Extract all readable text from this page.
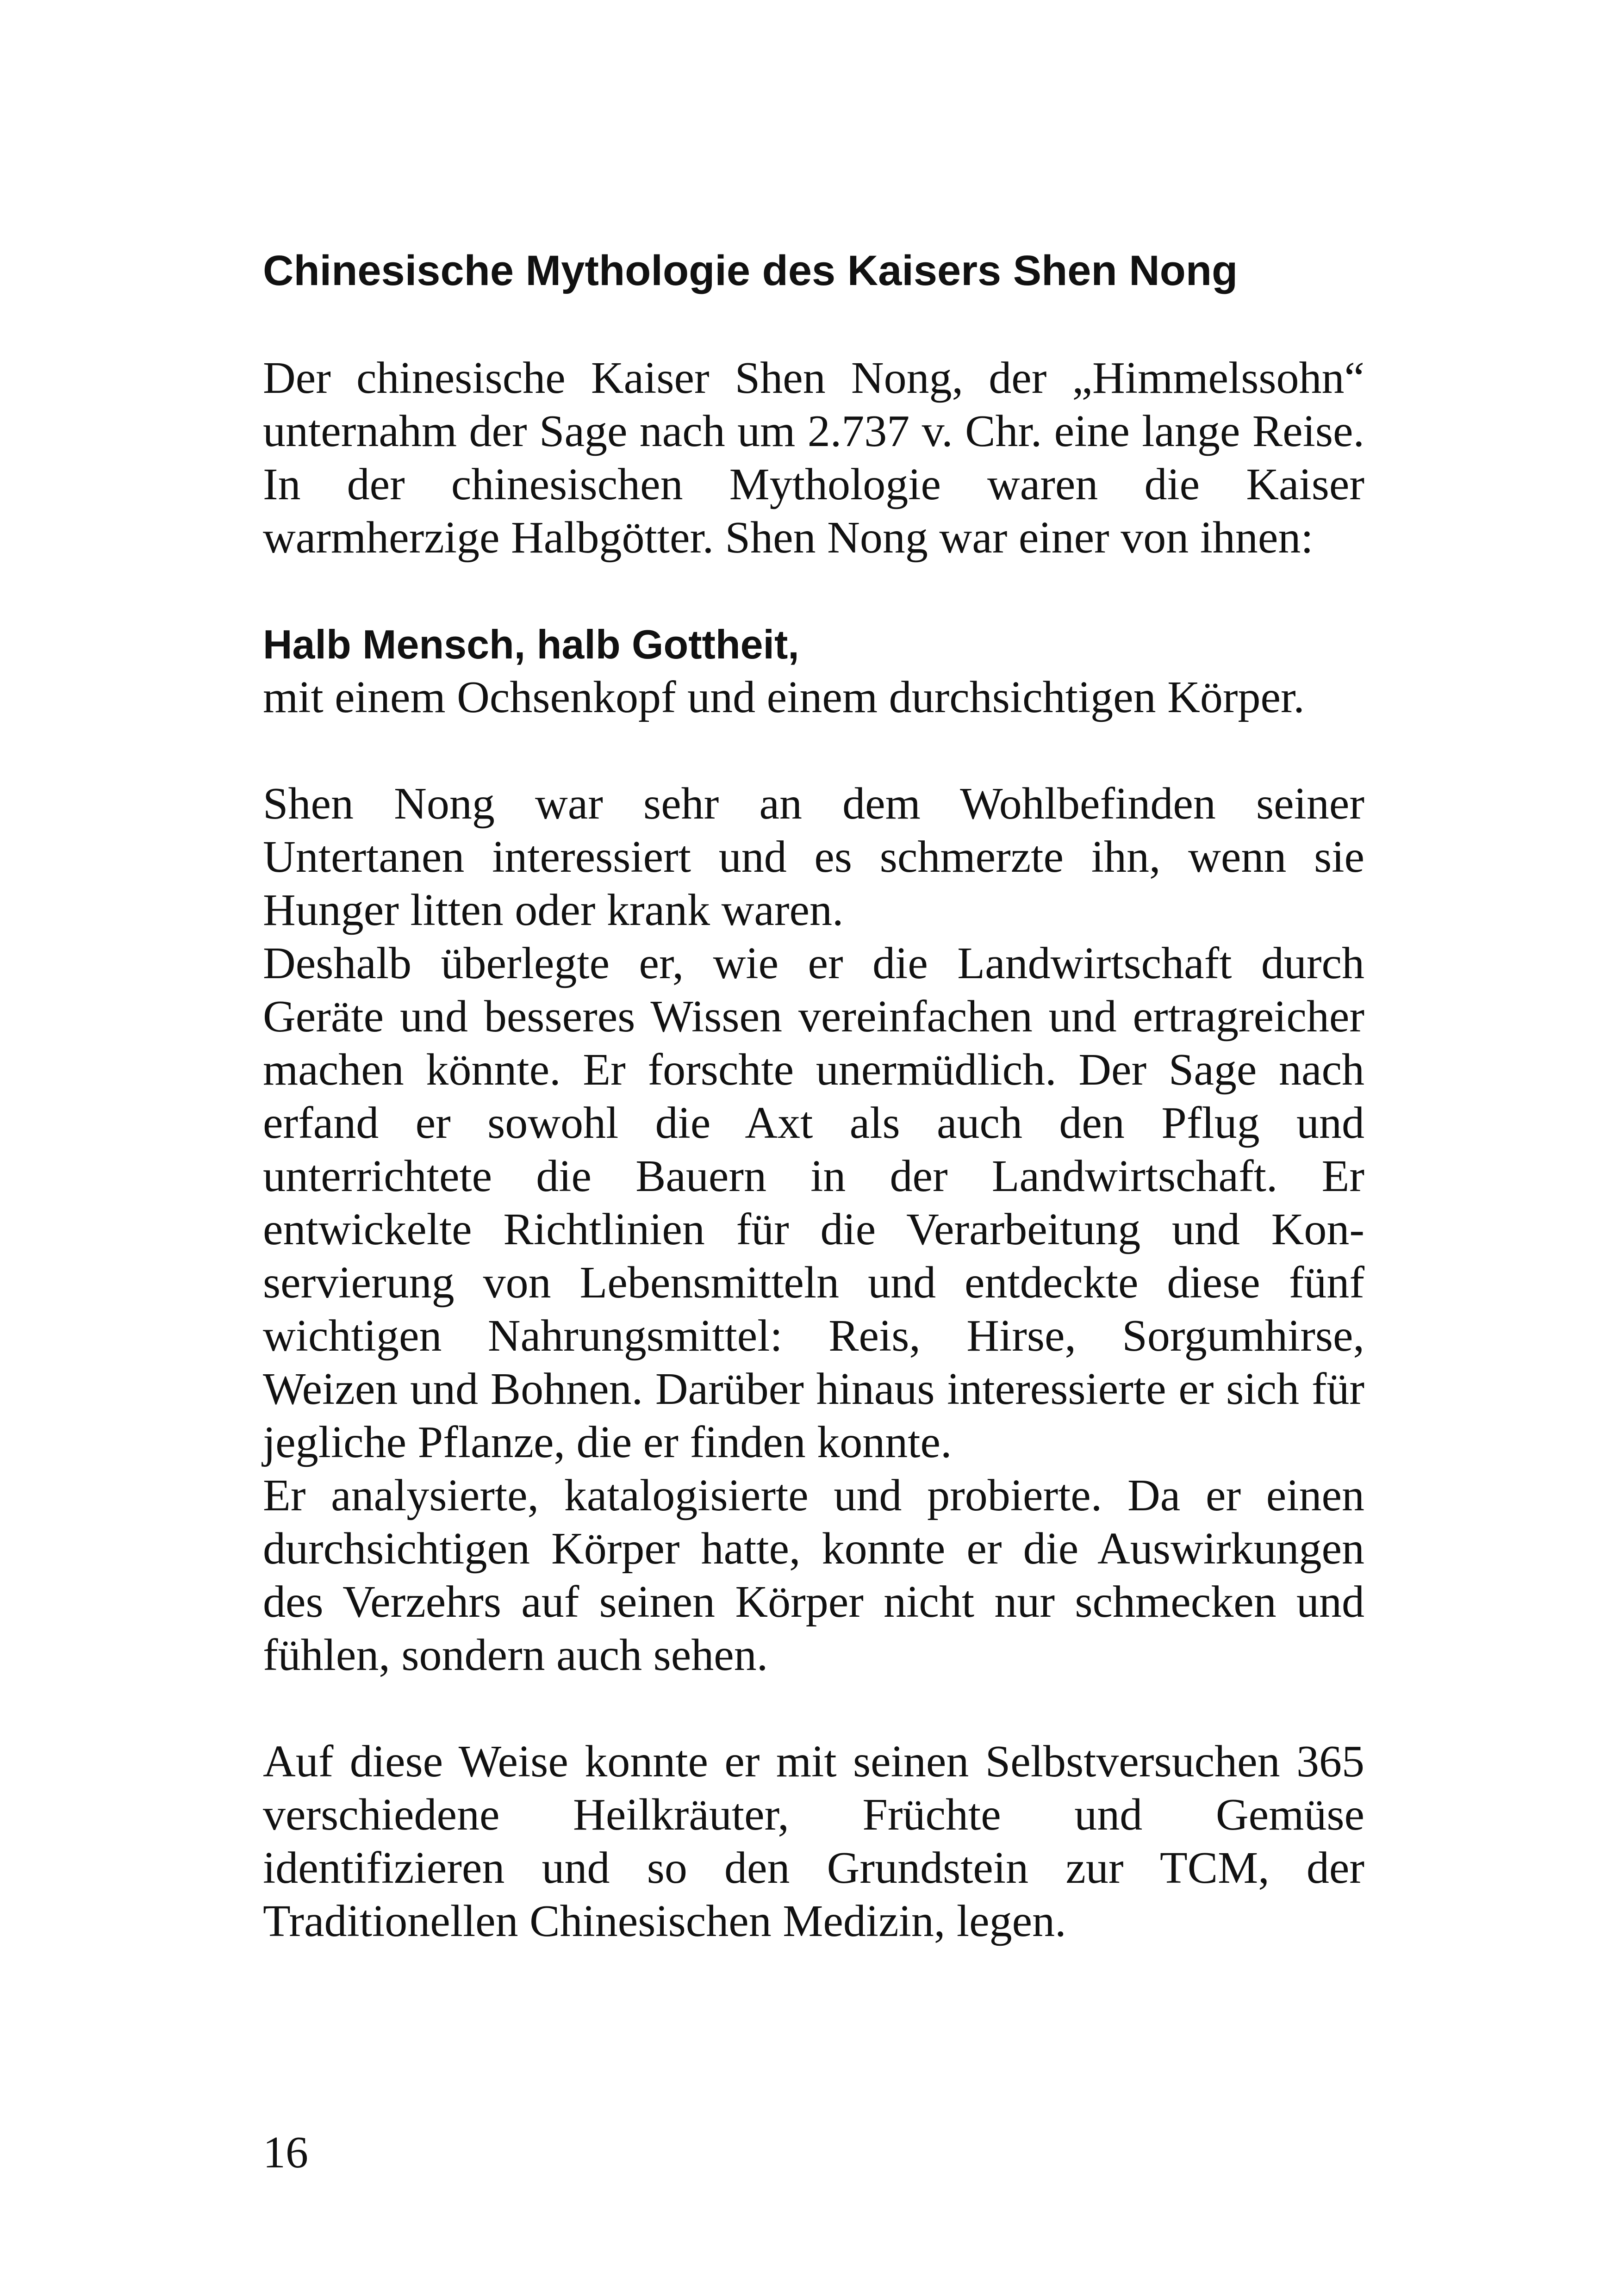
Chinesische Mythologie des Kaisers Shen Nong

Der chinesische Kaiser Shen Nong, der „Himmelssohn“ unternahm der Sage nach um 2.737 v. Chr. eine lange Reise. In der chinesischen Mythologie waren die Kaiser warmherzige Halbgötter. Shen Nong war einer von ihnen:

Halb Mensch, halb Gottheit,

mit einem Ochsenkopf und einem durchsichtigen Körper.

Shen Nong war sehr an dem Wohlbefinden seiner Untertanen interessiert und es schmerzte ihn, wenn sie Hunger litten oder krank waren.

Deshalb überlegte er, wie er die Landwirtschaft durch Geräte und besseres Wissen vereinfachen und ertragreicher machen könnte. Er forschte unermüdlich. Der Sage nach erfand er sowohl die Axt als auch den Pflug und unterrichtete die Bauern in der Landwirtschaft. Er entwickelte Richtlinien für die Verarbeitung und Konservierung von Lebensmitteln und entdeckte diese fünf wichtigen Nahrungsmittel: Reis, Hirse, Sorgumhirse, Weizen und Bohnen. Darüber hinaus interessierte er sich für jegliche Pflanze, die er finden konnte.

Er analysierte, katalogisierte und probierte. Da er einen durchsichtigen Körper hatte, konnte er die Auswirkungen des Verzehrs auf seinen Körper nicht nur schmecken und fühlen, sondern auch sehen.

Auf diese Weise konnte er mit seinen Selbstversuchen 365 verschiedene Heilkräuter, Früchte und Gemüse identifizieren und so den Grundstein zur TCM, der Traditionellen Chinesischen Medizin, legen.

16
